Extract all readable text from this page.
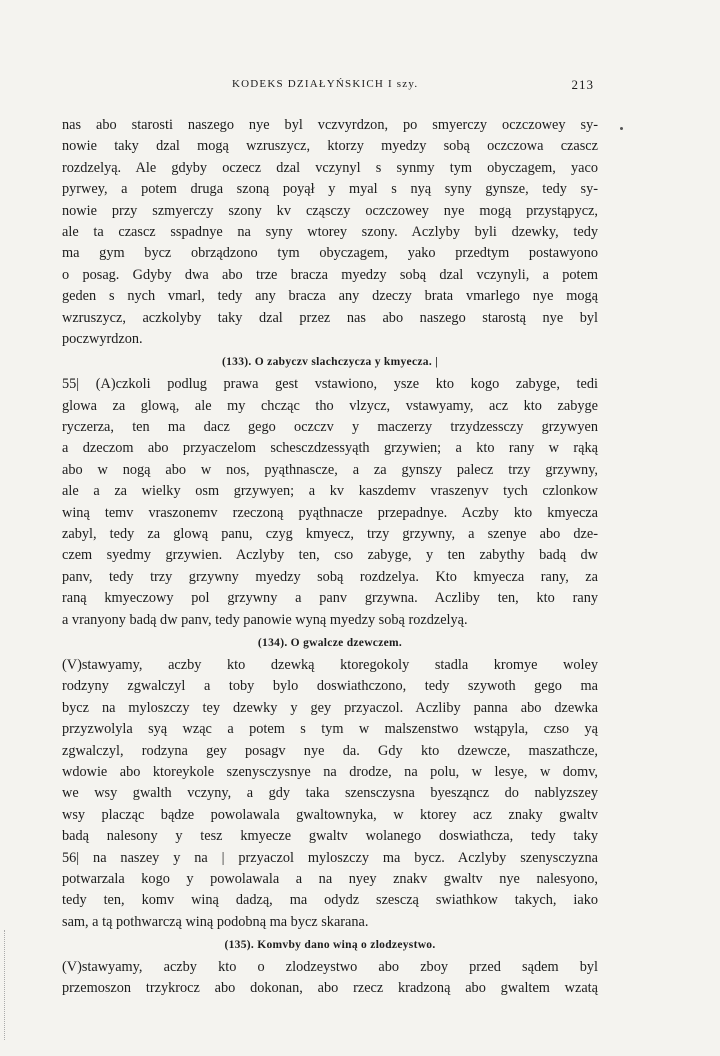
KODEKS DZIAŁYŃSKICH I szy.	213
nas abo starosti naszego nye byl vczvyrdzon, po smyerczy oczczowey sy-
nowie taky dzal mogą wzruszycz, ktorzy myedzy sobą oczczowa czascz
rozdzelyą. Ale gdyby oczecz dzal vczynyl s synmy tym obyczagem, yaco
pyrwey, a potem druga szoną poyął y myal s nyą syny gynsze, tedy sy-
nowie przy szmyerczy szony kv cząsczy oczczowey nye mogą przystąpycz,
ale ta czascz sspadnye na syny wtorey szony. Aczlyby byli dzewky, tedy
ma gym bycz obrządzono tym obyczagem, yako przedtym postawyono
o posag. Gdyby dwa abo trze bracza myedzy sobą dzal vczynyli, a potem
geden s nych vmarl, tedy any bracza any dzeczy brata vmarlego nye mogą
wzruszycz, aczkolyby taky dzal przez nas abo naszego starostą nye byl
poczwyrdzon.
(133). O zabyczv slachczycza y kmyecza. |
55| (A)czkoli podlug prawa gest vstawiono, ysze kto kogo zabyge, tedi
glowa za glową, ale my chcząc tho vlzycz, vstawyamy, acz kto zabyge
ryczerza, ten ma dacz gego oczczv y maczerzy trzydzessczy grzywyen
a dzeczom abo przyaczelom schesczdzessyąth grzywien; a kto rany w rąką
abo w nogą abo w nos, pyąthnascze, a za gynszy palecz trzy grzywny,
ale a za wielky osm grzywyen; a kv kaszdemv vraszenyv tych czlonkow
winą temv vraszonemv rzeczoną pyąthnacze przepadnye. Aczby kto kmyecza
zabyl, tedy za glową panu, czyg kmyecz, trzy grzywny, a szenye abo dze-
czem syedmy grzywien. Aczlyby ten, cso zabyge, y ten zabythy badą dw
panv, tedy trzy grzywny myedzy sobą rozdzelya. Kto kmyecza rany, za
raną kmyeczowy pol grzywny a panv grzywna. Aczliby ten, kto rany
a vranyony badą dw panv, tedy panowie wyną myedzy sobą rozdzelyą.
(134). O gwalcze dzewczem.
(V)stawyamy, aczby kto dzewką ktoregokoly stadla kromye woley
rodzyny zgwalczyl a toby bylo doswiathczono, tedy szywoth gego ma
bycz na myloszczy tey dzewky y gey przyaczol. Aczliby panna abo dzewka
przyzwolyla syą wząc a potem s tym w malszenstwo wstąpyla, czso yą
zgwalczyl, rodzyna gey posagv nye da. Gdy kto dzewcze, maszathcze,
wdowie abo ktoreykole szenysczysnye na drodze, na polu, w lesye, w domv,
we wsy gwalth vczyny, a gdy taka szensczysna byesząncz do nablyzszey
wsy placząc bądze powolawala gwaltownyka, w ktorey acz znaky gwaltv
badą nalesony y tesz kmyecze gwaltv wolanego doswiathcza, tedy taky
56| na naszey y na | przyaczol myloszczy ma bycz. Aczlyby szenysczyzna
potwarzala kogo y powolawala a na nyey znakv gwaltv nye nalesyono,
tedy ten, komv winą dadzą, ma odydz szesczą swiathkow takych, iako
sam, a tą pothwarczą winą podobną ma bycz skarana.
(135). Komvby dano winą o zlodzeystwo.
(V)stawyamy, aczby kto o zlodzeystwo abo zboy przed sądem byl
przemoszon trzykrocz abo dokonan, abo rzecz kradzoną abo gwaltem wzatą
